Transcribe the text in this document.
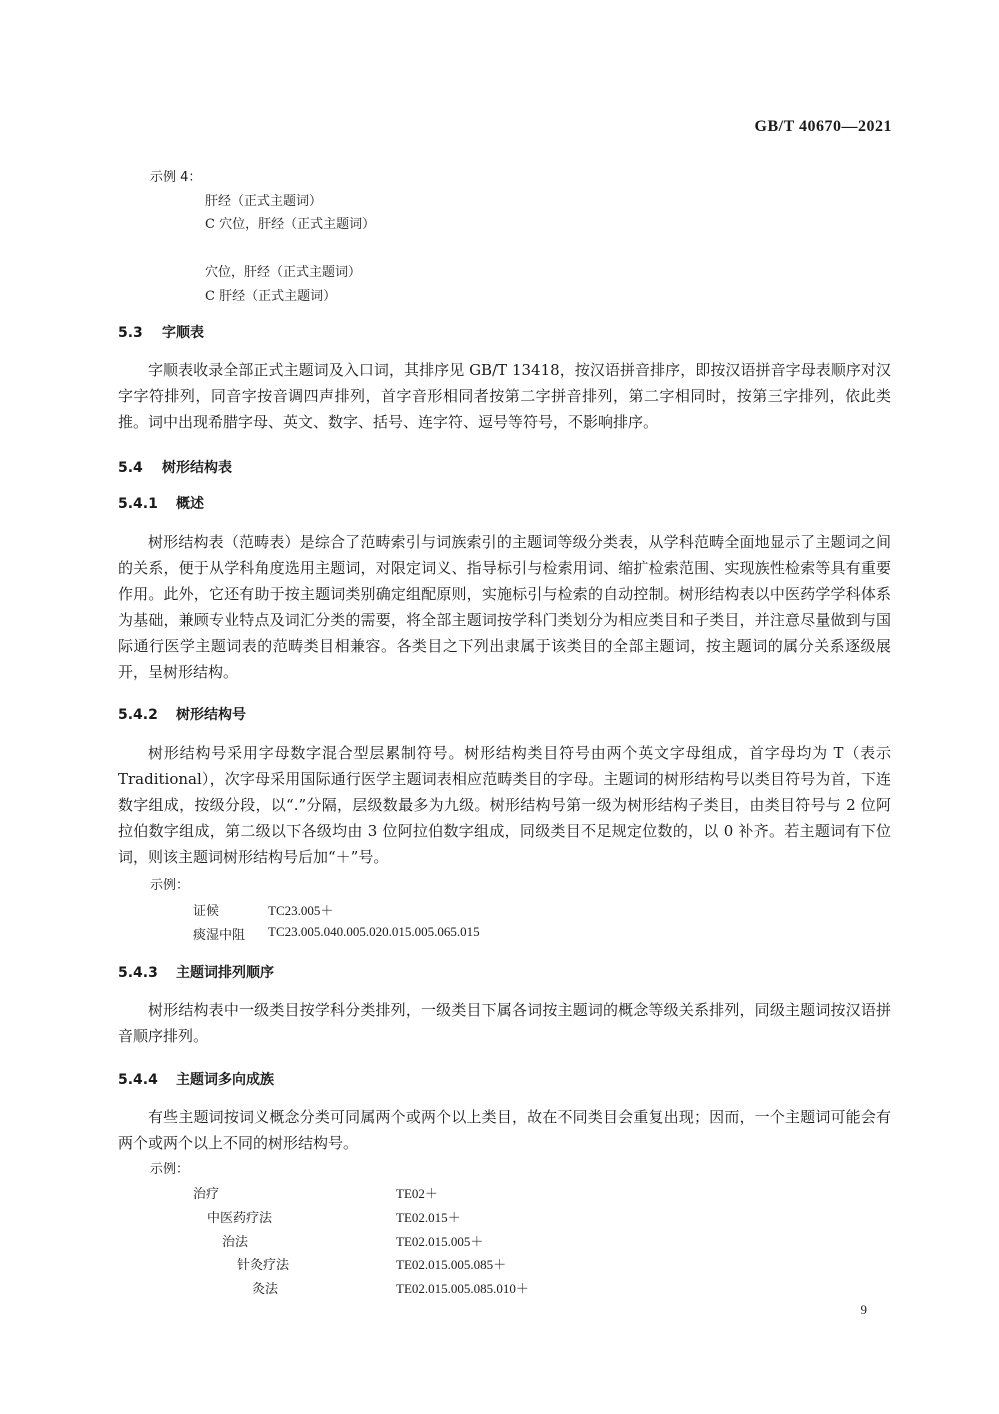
GB/T 40670—2021
示例 4：
肝经（正式主题词）
C 穴位，肝经（正式主题词）
穴位，肝经（正式主题词）
C 肝经（正式主题词）
5.3 字顺表
字顺表收录全部正式主题词及入口词，其排序见 GB/T 13418，按汉语拼音排序，即按汉语拼音字母表顺序对汉字字符排列，同音字按音调四声排列，首字音形相同者按第二字拼音排列，第二字相同时，按第三字排列，依此类推。词中出现希腊字母、英文、数字、括号、连字符、逗号等符号，不影响排序。
5.4 树形结构表
5.4.1 概述
树形结构表（范畴表）是综合了范畴索引与词族索引的主题词等级分类表，从学科范畴全面地显示了主题词之间的关系，便于从学科角度选用主题词，对限定词义、指导标引与检索用词、缩扩检索范围、实现族性检索等具有重要作用。此外，它还有助于按主题词类别确定组配原则，实施标引与检索的自动控制。树形结构表以中医药学学科体系为基础，兼顾专业特点及词汇分类的需要，将全部主题词按学科门类划分为相应类目和子类目，并注意尽量做到与国际通行医学主题词表的范畴类目相兼容。各类目之下列出隶属于该类目的全部主题词，按主题词的属分关系逐级展开，呈树形结构。
5.4.2 树形结构号
树形结构号采用字母数字混合型层累制符号。树形结构类目符号由两个英文字母组成，首字母均为 T（表示 Traditional），次字母采用国际通行医学主题词表相应范畴类目的字母。主题词的树形结构号以类目符号为首，下连数字组成，按级分段，以“.”分隔，层级数最多为九级。树形结构号第一级为树形结构子类目，由类目符号与 2 位阿拉伯数字组成，第二级以下各级均由 3 位阿拉伯数字组成，同级类目不足规定位数的，以 0 补齐。若主题词有下位词，则该主题词树形结构号后加“＋”号。
示例：
证候	TC23.005＋
痰湿中阻 TC23.005.040.005.020.015.005.065.015
5.4.3 主题词排列顺序
树形结构表中一级类目按学科分类排列，一级类目下属各词按主题词的概念等级关系排列，同级主题词按汉语拼音顺序排列。
5.4.4 主题词多向成族
有些主题词按词义概念分类可同属两个或两个以上类目，故在不同类目会重复出现；因而，一个主题词可能会有两个或两个以上不同的树形结构号。
示例：
治疗	TE02＋
中医药疗法	TE02.015＋
治法	TE02.015.005＋
针灸疗法	TE02.015.005.085＋
灸法	TE02.015.005.085.010＋
9
